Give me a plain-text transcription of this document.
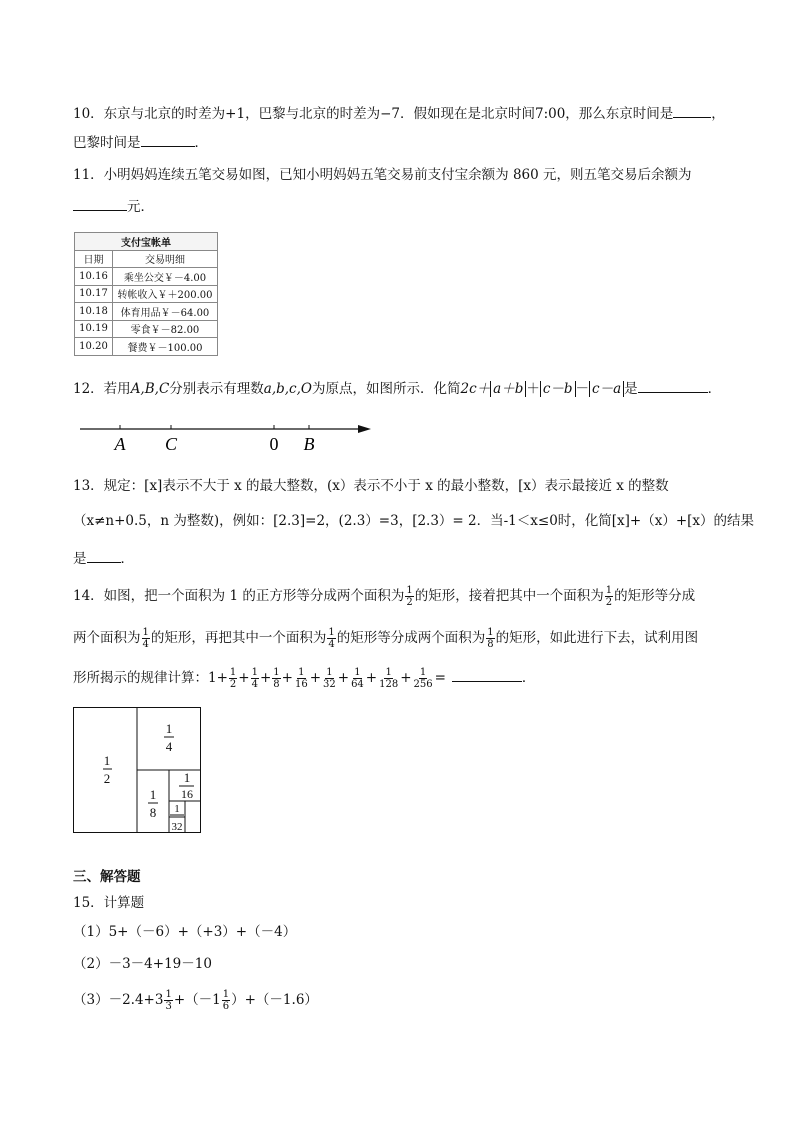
10．东京与北京的时差为+1，巴黎与北京的时差为−7．假如现在是北京时间7:00，那么东京时间是	，
巴黎时间是	．
11．小明妈妈连续五笔交易如图，已知小明妈妈五笔交易前支付宝余额为 860 元，则五笔交易后余额为
元．
支付宝帐单	
日期	交易明细
10.16	乘坐公交￥－4.00
10.17	转帐收入￥＋200.00
10.18	体育用品￥－64.00
10.19	零食￥－82.00
10.20	餐费￥－100.00
12．若用A,B,C分别表示有理数a,b,c,O为原点，如图所示．化简2c＋ a＋b ＋ c－b － c－a 是	．
A C	0 B
13．规定：[x]表示不大于 x 的最大整数，(x）表示不小于 x 的最小整数，[x）表示最接近 x 的整数
（x≠n+0.5，n 为整数)，例如：[2.3]=2，(2.3）=3，[2.3）= 2．当-1＜x≤0时，化简[x]+（x）+[x）的结果
是	．
14．如图，把一个面积为 1 的正方形等分成两个面积为 $\frac{1}{2}$ 的矩形，接着把其中一个面积为 $\frac{1}{2}$ 的矩形等分成
两个面积为 $\frac{1}{4}$ 的矩形，再把其中一个面积为 $\frac{1}{4}$ 的矩形等分成两个面积为 $\frac{1}{8}$ 的矩形，如此进行下去，试利用图
形所揭示的规律计算：$1+ \frac{1}{2} + \frac{1}{4} + \frac{1}{8} + \frac{1}{16} + \frac{1}{32} + \frac{1}{64} + \frac{1}{128} + \frac{1}{256}$ =	．
1
2
1
4
1
8
1
16
1
32
三、解答题
15．计算题
（1）5+（－6）+（+3）+（－4）
（2）－3－4+19－10
$(3)-2.4+3 \frac{1}{3} +(-1 \frac{1}{6} )+(-1.6)$
